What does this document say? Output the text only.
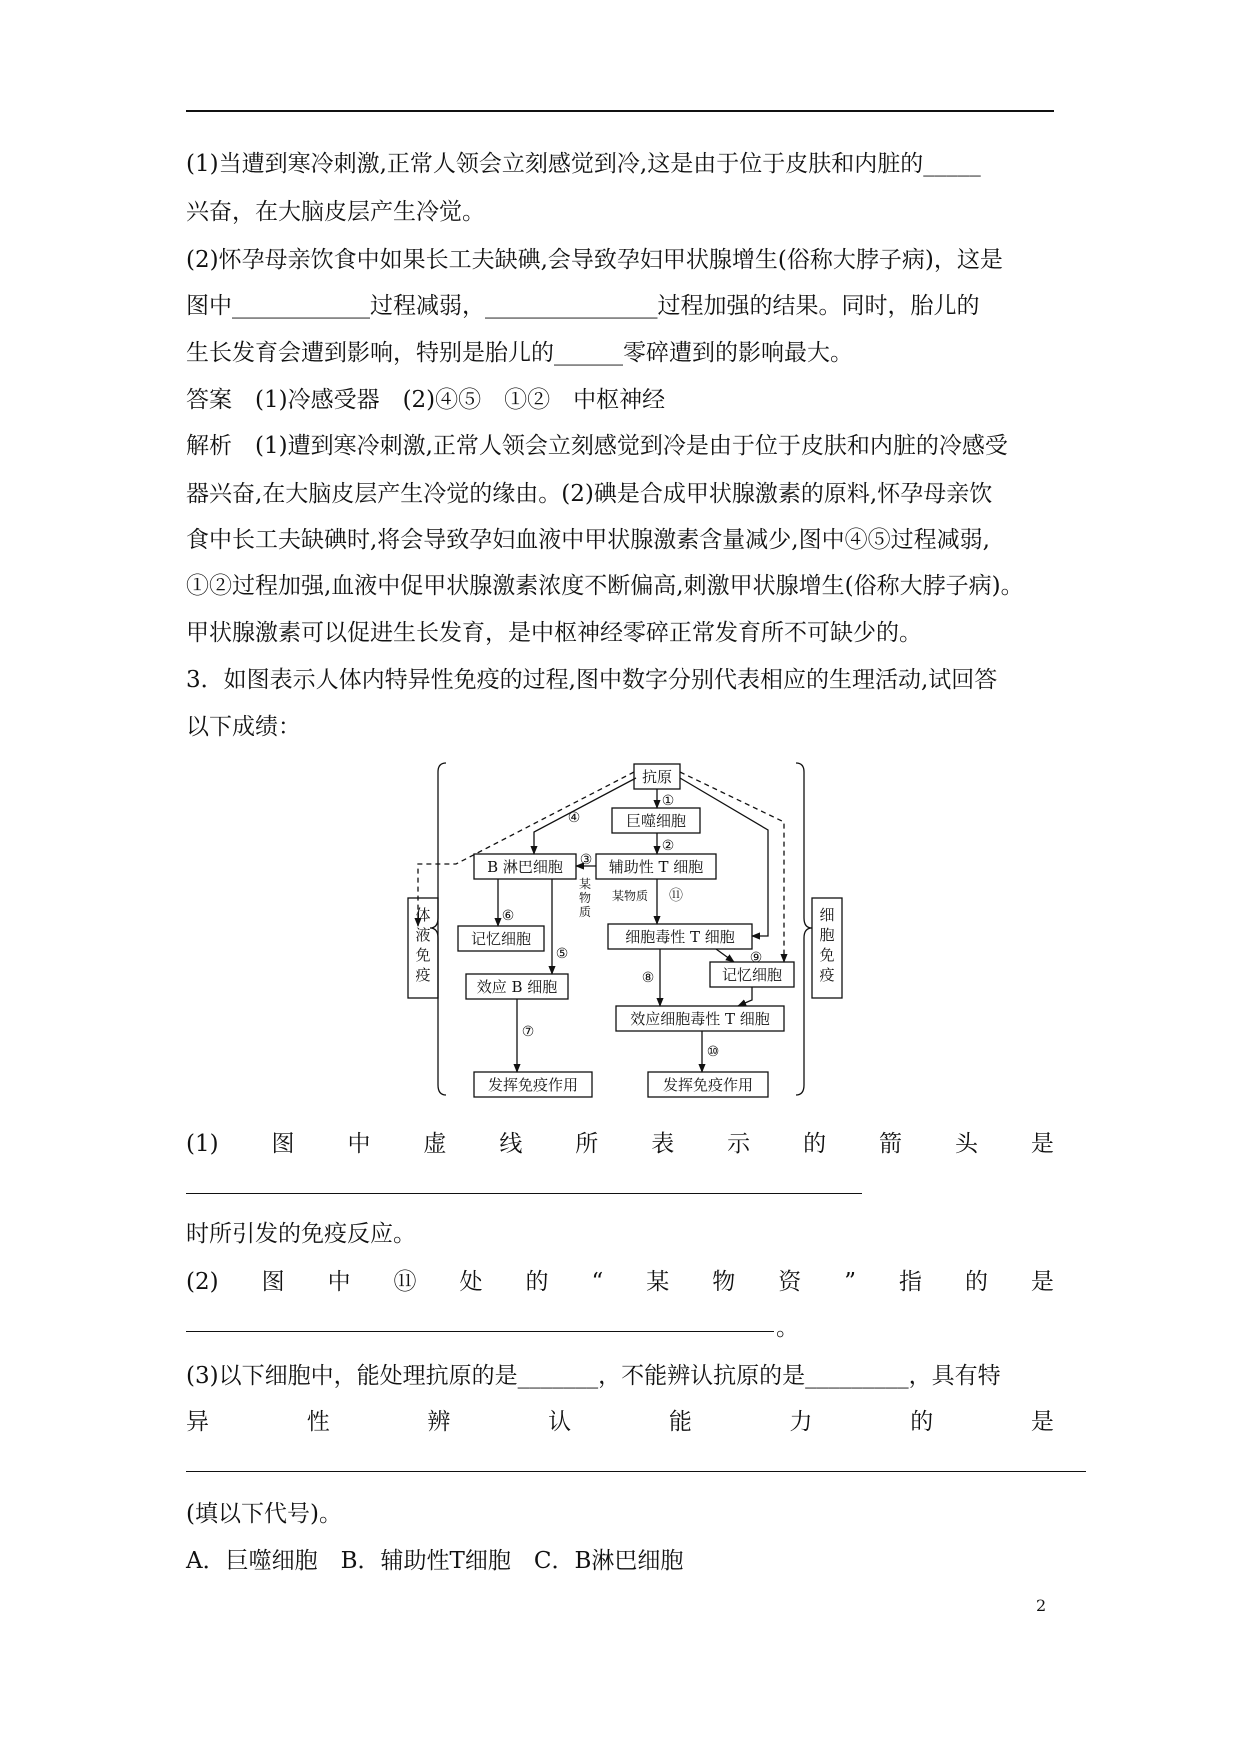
(1)当遭到寒冷刺激,正常人领会立刻感觉到冷,这是由于位于皮肤和内脏的_____
兴奋，在大脑皮层产生冷觉。
(2)怀孕母亲饮食中如果长工夫缺碘,会导致孕妇甲状腺增生(俗称大脖子病)，这是
图中____________过程减弱，_______________过程加强的结果。同时，胎儿的
生长发育会遭到影响，特别是胎儿的______零碎遭到的影响最大。
答案　(1)冷感受器　(2)④⑤　①②　中枢神经
解析　(1)遭到寒冷刺激,正常人领会立刻感觉到冷是由于位于皮肤和内脏的冷感受
器兴奋,在大脑皮层产生冷觉的缘由。(2)碘是合成甲状腺激素的原料,怀孕母亲饮
食中长工夫缺碘时,将会导致孕妇血液中甲状腺激素含量减少,图中④⑤过程减弱,
①②过程加强,血液中促甲状腺激素浓度不断偏高,刺激甲状腺增生(俗称大脖子病)。
甲状腺激素可以促进生长发育，是中枢神经零碎正常发育所不可缺少的。
3．如图表示人体内特异性免疫的过程,图中数字分别代表相应的生理活动,试回答
以下成绩：
抗原
巨噬细胞
辅助性 T 细胞
B 淋巴细胞
记忆细胞
效应 B 细胞
细胞毒性 T 细胞
记忆细胞
效应细胞毒性 T 细胞
发挥免疫作用	发挥免疫作用
体
液
免
疫
细
胞
免
疫
某
物
质
某物质
①
②
③
④
⑤
⑥
⑦
⑧
⑨
⑩
⑪
(1) 图 中 虚 线 所 表 示 的 箭 头 是
时所引发的免疫反应。
(2) 图 中 ⑪ 处 的 “ 某 物 资 ” 指 的 是
。
(3)以下细胞中，能处理抗原的是_______，不能辨认抗原的是_________，具有特
异	性	辨	认	能	力	的	是
(填以下代号)。
A．巨噬细胞　B．辅助性T细胞　C．B淋巴细胞
2
